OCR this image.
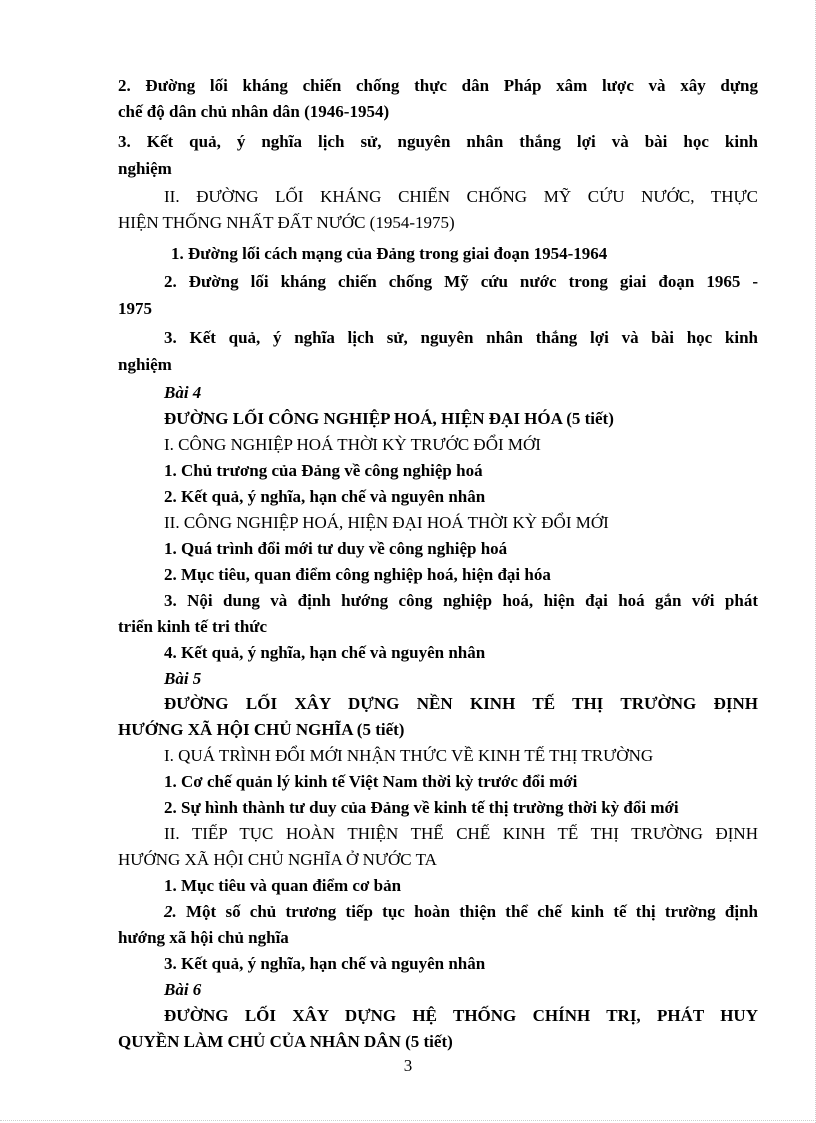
2. Đường lối kháng chiến chống thực dân Pháp xâm lược và xây dựng
chế độ dân chủ nhân dân (1946-1954)
3. Kết quả, ý nghĩa lịch sử, nguyên nhân thắng lợi và bài học kinh
nghiệm
II. ĐƯỜNG LỐI KHÁNG CHIẾN CHỐNG MỸ CỨU NƯỚC, THỰC
HIỆN THỐNG NHẤT ĐẤT NƯỚC (1954-1975)
1. Đường lối cách mạng của Đảng trong giai đoạn 1954-1964
2. Đường lối kháng chiến chống Mỹ cứu nước trong giai đoạn 1965 -
1975
3. Kết quả, ý nghĩa lịch sử, nguyên nhân thắng lợi và bài học kinh
nghiệm
Bài 4
ĐƯỜNG LỐI CÔNG NGHIỆP HOÁ, HIỆN ĐẠI HÓA (5 tiết)
I. CÔNG NGHIỆP HOÁ THỜI KỲ TRƯỚC ĐỔI MỚI
1. Chủ trương của Đảng về công nghiệp hoá
2. Kết quả, ý nghĩa, hạn chế và nguyên nhân
II. CÔNG NGHIỆP HOÁ, HIỆN ĐẠI HOÁ THỜI KỲ ĐỔI MỚI
1. Quá trình đổi mới tư duy về công nghiệp hoá
2. Mục tiêu, quan điểm công nghiệp hoá, hiện đại hóa
3. Nội dung và định hướng công nghiệp hoá, hiện đại hoá gắn với phát
triển kinh tế tri thức
4. Kết quả, ý nghĩa, hạn chế và nguyên nhân
Bài 5
ĐƯỜNG LỐI XÂY DỰNG NỀN KINH TẾ THỊ TRƯỜNG ĐỊNH
HƯỚNG XÃ HỘI CHỦ NGHĨA (5 tiết)
I. QUÁ TRÌNH ĐỔI MỚI NHẬN THỨC VỀ KINH TẾ THỊ TRƯỜNG
1. Cơ chế quản lý kinh tế Việt Nam thời kỳ trước đổi mới
2. Sự hình thành tư duy của Đảng về kinh tế thị trường thời kỳ đổi mới
II. TIẾP TỤC HOÀN THIỆN THỂ CHẾ KINH TẾ THỊ TRƯỜNG ĐỊNH
HƯỚNG XÃ HỘI CHỦ NGHĨA Ở NƯỚC TA
1. Mục tiêu và quan điểm cơ bản
2. Một số chủ trương tiếp tục hoàn thiện thể chế kinh tế thị trường định
hướng xã hội chủ nghĩa
3. Kết quả, ý nghĩa, hạn chế và nguyên nhân
Bài 6
ĐƯỜNG LỐI XÂY DỰNG HỆ THỐNG CHÍNH TRỊ, PHÁT HUY
QUYỀN LÀM CHỦ CỦA NHÂN DÂN (5 tiết)
3
